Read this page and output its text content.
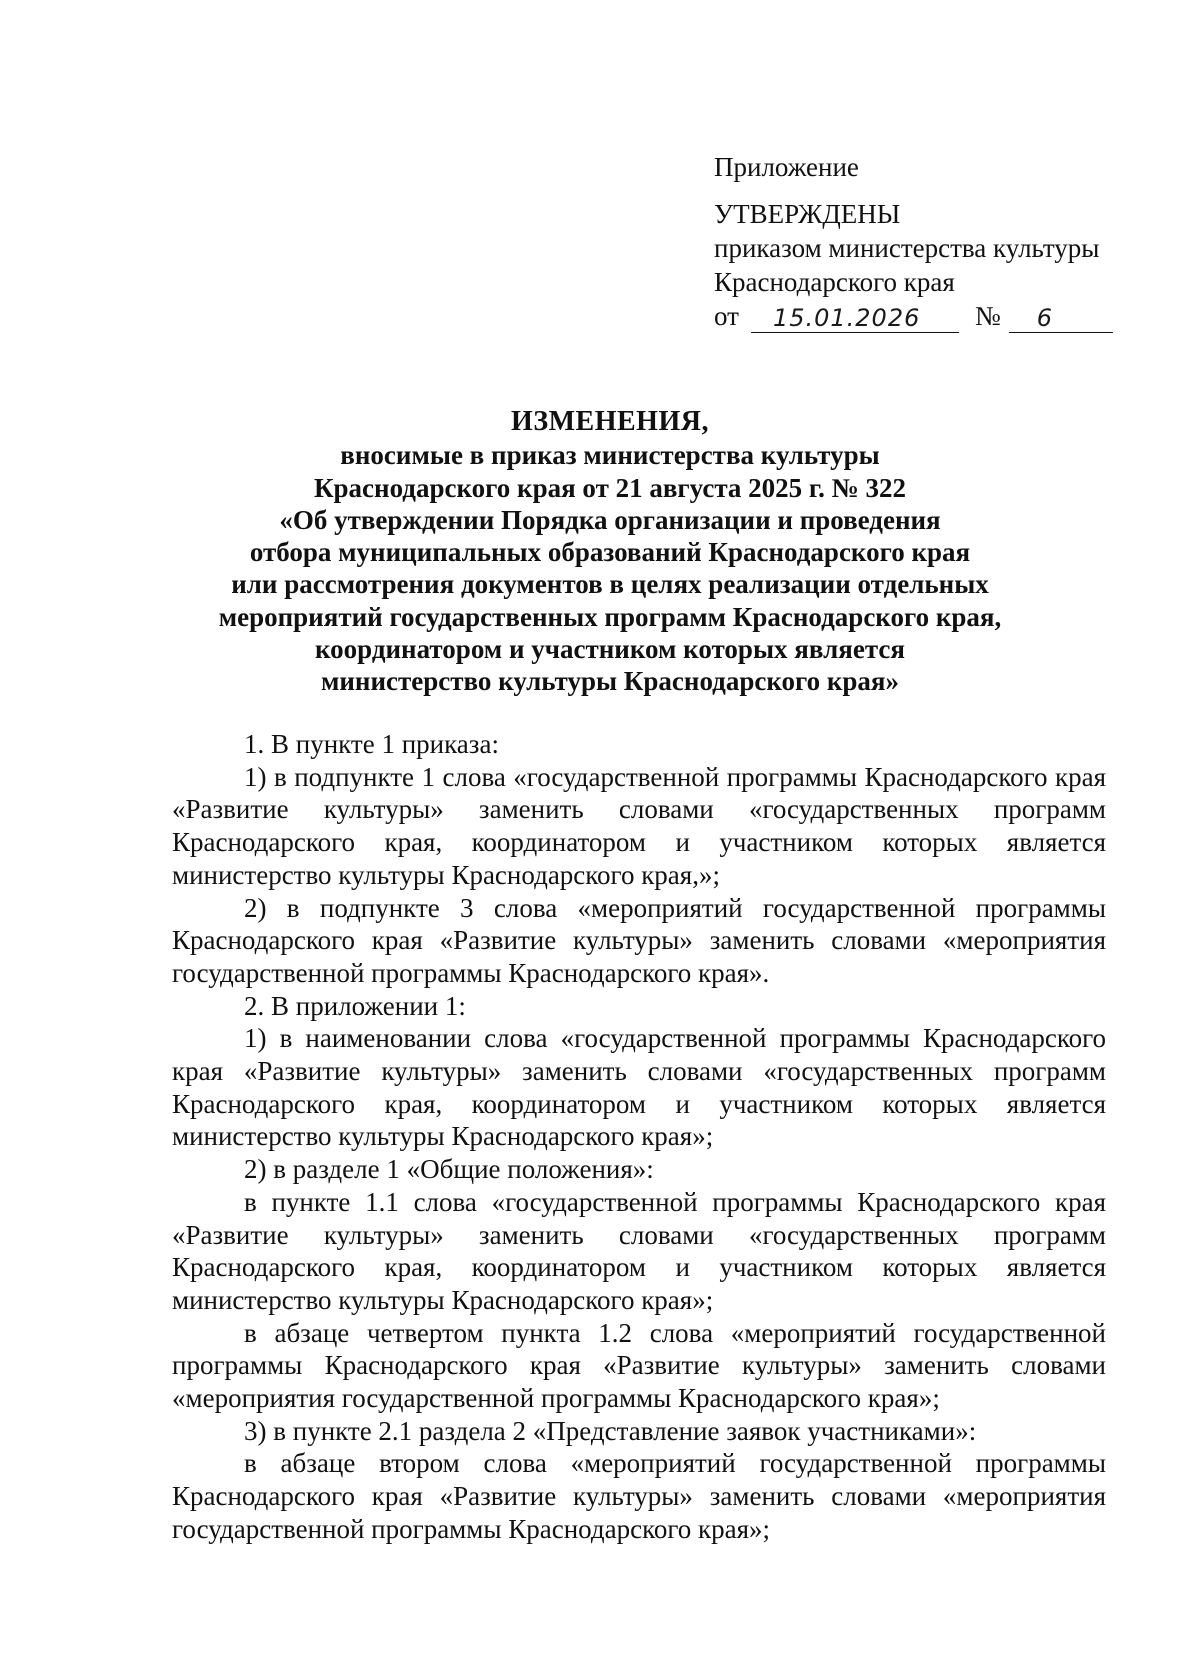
Приложение
УТВЕРЖДЕНЫ
приказом министерства культуры
Краснодарского края
от	15.01.2026	№	6
ИЗМЕНЕНИЯ,
вносимые в приказ министерства культуры
Краснодарского края от 21 августа 2025 г. № 322
«Об утверждении Порядка организации и проведения
отбора муниципальных образований Краснодарского края
или рассмотрения документов в целях реализации отдельных
мероприятий государственных программ Краснодарского края,
координатором и участником которых является
министерство культуры Краснодарского края»

1. В пункте 1 приказа:

1) в подпункте 1 слова «государственной программы Краснодарского края «Развитие культуры» заменить словами «государственных программ Краснодарского края, координатором и участником которых является министерство культуры Краснодарского края,»;

2) в подпункте 3 слова «мероприятий государственной программы Краснодарского края «Развитие культуры» заменить словами «мероприятия государственной программы Краснодарского края».

2. В приложении 1:

1) в наименовании слова «государственной программы Краснодарского края «Развитие культуры» заменить словами «государственных программ Краснодарского края, координатором и участником которых является министерство культуры Краснодарского края»;

2) в разделе 1 «Общие положения»:

в пункте 1.1 слова «государственной программы Краснодарского края «Развитие культуры» заменить словами «государственных программ Краснодарского края, координатором и участником которых является министерство культуры Краснодарского края»;

в абзаце четвертом пункта 1.2 слова «мероприятий государственной программы Краснодарского края «Развитие культуры» заменить словами «мероприятия государственной программы Краснодарского края»;

3) в пункте 2.1 раздела 2 «Представление заявок участниками»:

в абзаце втором слова «мероприятий государственной программы Краснодарского края «Развитие культуры» заменить словами «мероприятия государственной программы Краснодарского края»;
